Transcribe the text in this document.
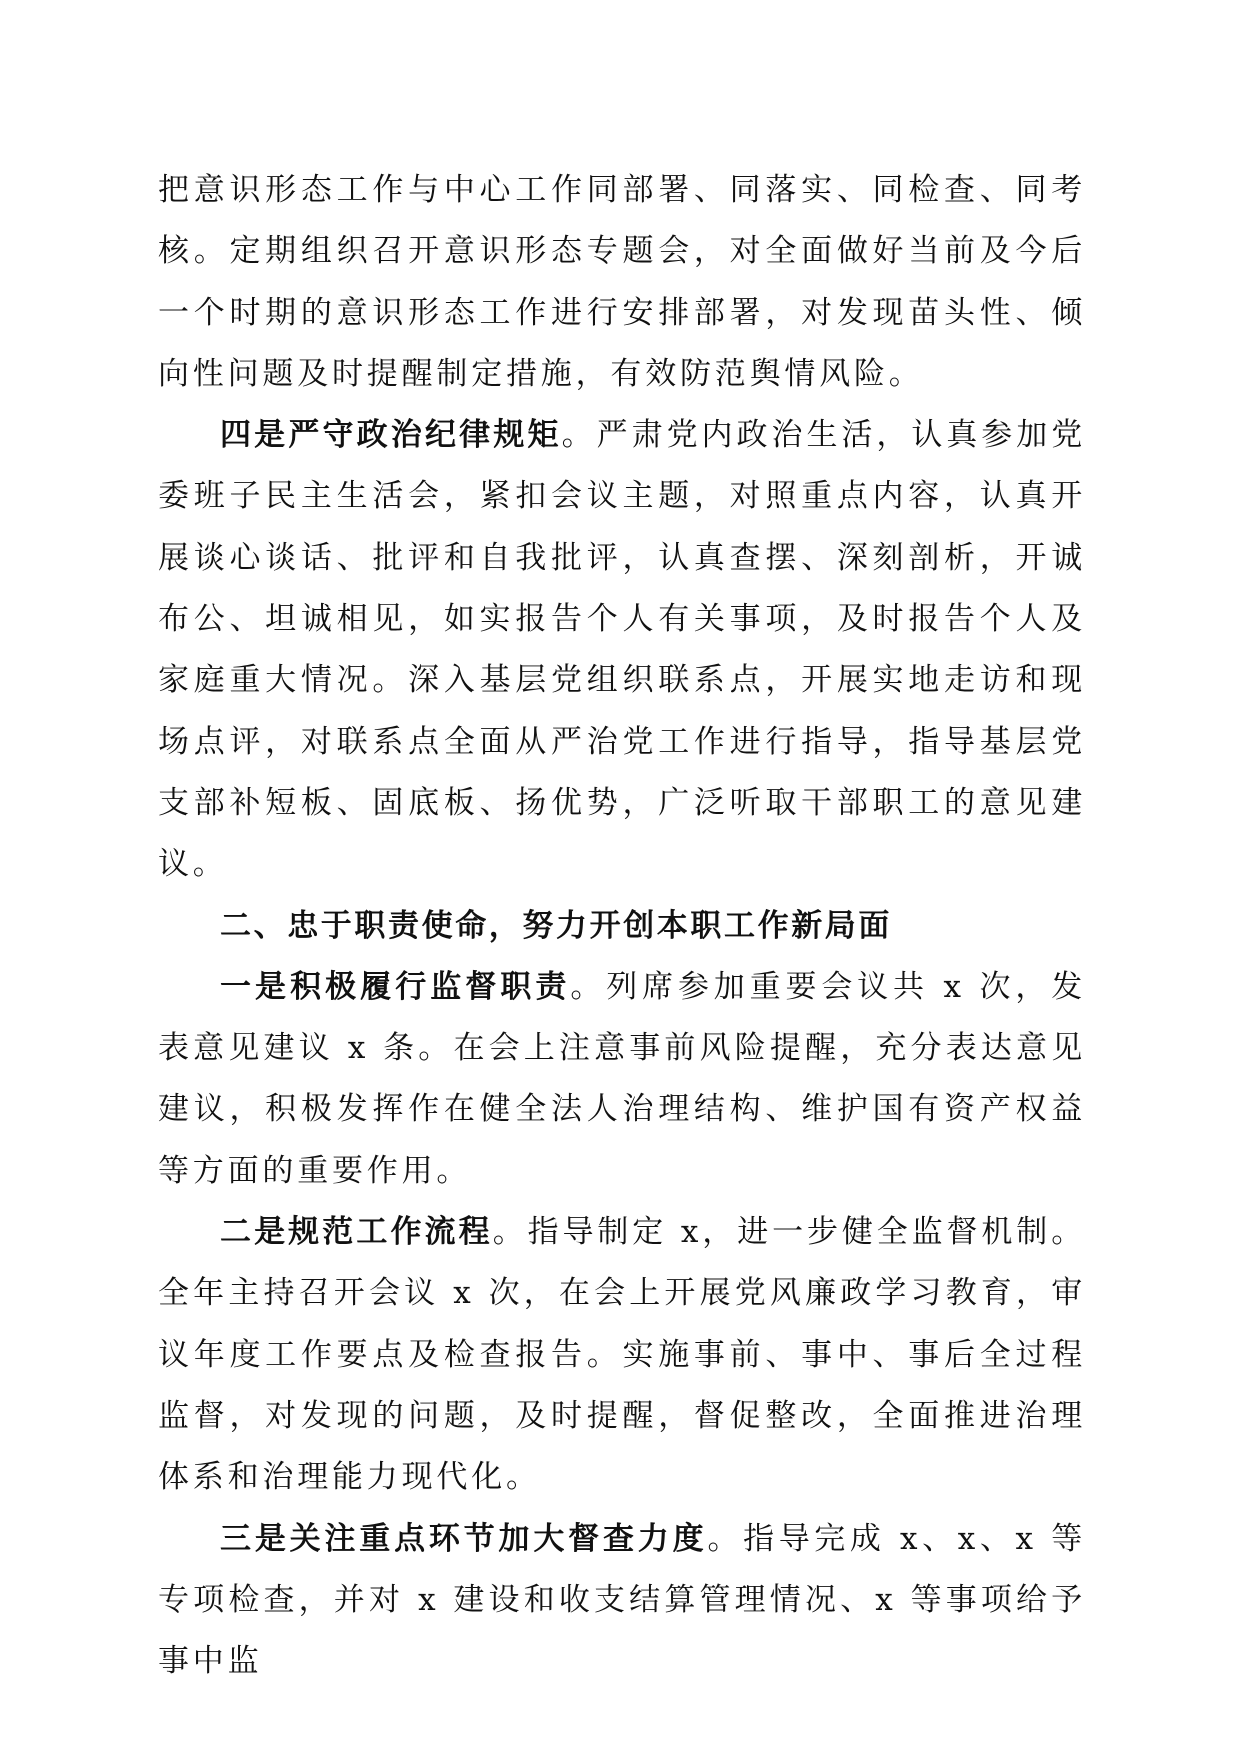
把意识形态工作与中心工作同部署、同落实、同检查、同考核。定期组织召开意识形态专题会，对全面做好当前及今后一个时期的意识形态工作进行安排部署，对发现苗头性、倾向性问题及时提醒制定措施，有效防范舆情风险。

四是严守政治纪律规矩。严肃党内政治生活，认真参加党委班子民主生活会，紧扣会议主题，对照重点内容，认真开展谈心谈话、批评和自我批评，认真查摆、深刻剖析，开诚布公、坦诚相见，如实报告个人有关事项，及时报告个人及家庭重大情况。深入基层党组织联系点，开展实地走访和现场点评，对联系点全面从严治党工作进行指导，指导基层党支部补短板、固底板、扬优势，广泛听取干部职工的意见建议。

二、忠于职责使命，努力开创本职工作新局面

一是积极履行监督职责。列席参加重要会议共 x 次，发表意见建议 x 条。在会上注意事前风险提醒，充分表达意见建议，积极发挥作在健全法人治理结构、维护国有资产权益等方面的重要作用。

二是规范工作流程。指导制定 x，进一步健全监督机制。全年主持召开会议 x 次，在会上开展党风廉政学习教育，审议年度工作要点及检查报告。实施事前、事中、事后全过程监督，对发现的问题，及时提醒，督促整改，全面推进治理体系和治理能力现代化。

三是关注重点环节加大督查力度。指导完成 x、x、x 等专项检查，并对 x 建设和收支结算管理情况、x 等事项给予事中监
